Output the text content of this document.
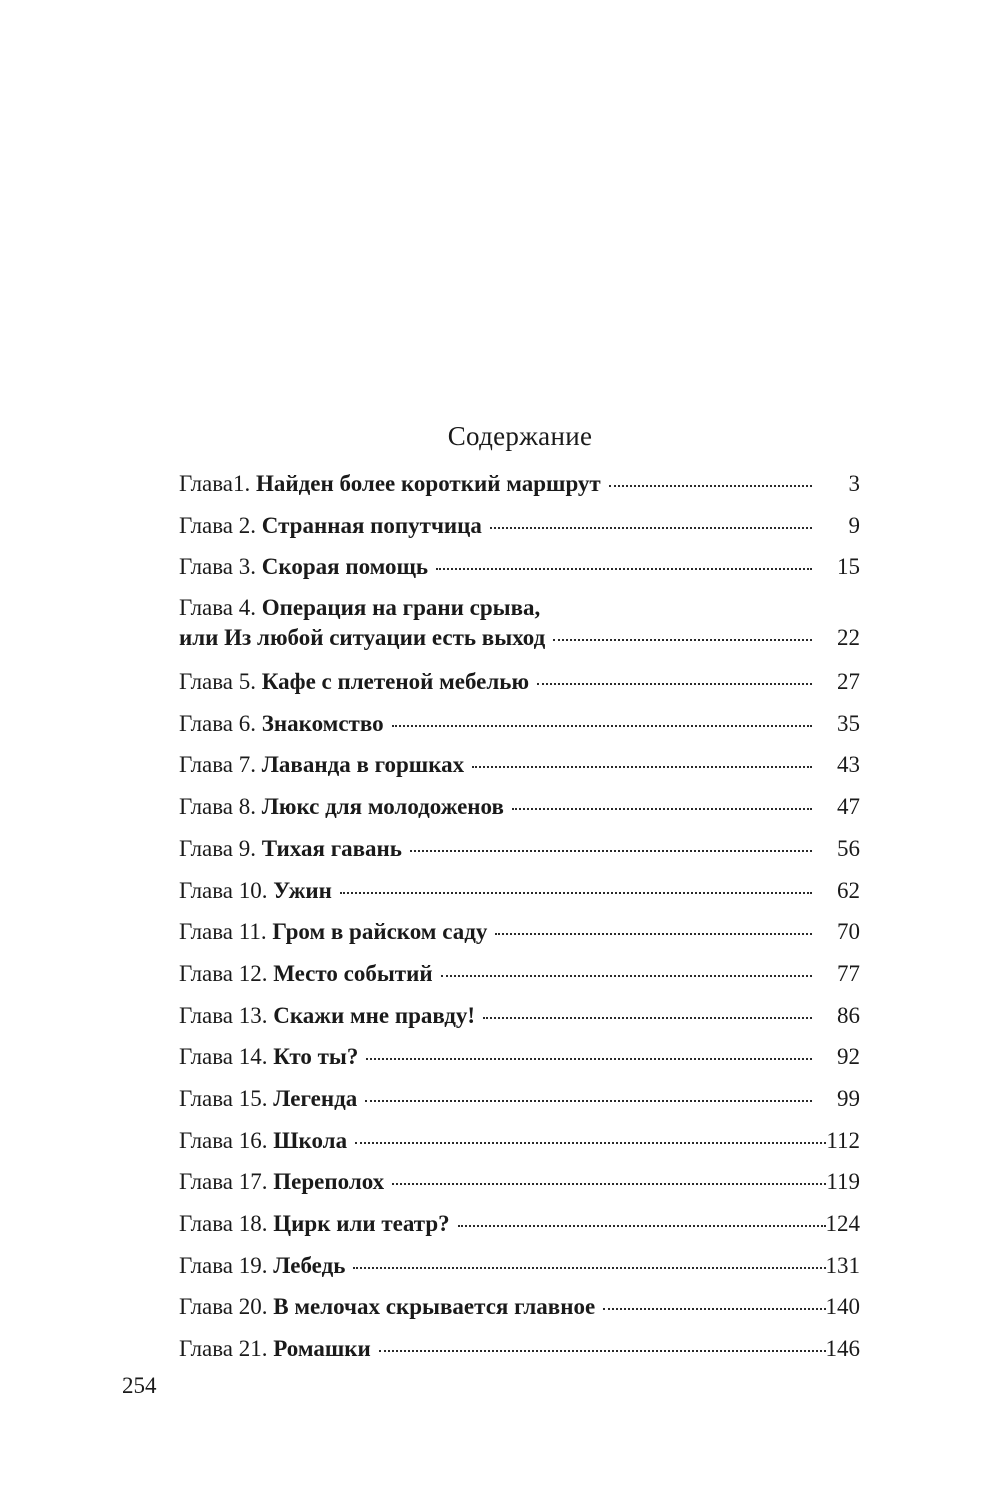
Содержание
Глава1. Найден более короткий маршрут	3
Глава 2. Странная попутчица	9
Глава 3. Скорая помощь	15
Глава 4. Операция на грани срыва,
или Из любой ситуации есть выход	22
Глава 5. Кафе с плетеной мебелью	27
Глава 6. Знакомство	35
Глава 7. Лаванда в горшках	43
Глава 8. Люкс для молодоженов	47
Глава 9. Тихая гавань	56
Глава 10. Ужин	62
Глава 11. Гром в райском саду	70
Глава 12. Место событий	77
Глава 13. Скажи мне правду!	86
Глава 14. Кто ты?	92
Глава 15. Легенда	99
Глава 16. Школа	112
Глава 17. Переполох	119
Глава 18. Цирк или театр?	124
Глава 19. Лебедь	131
Глава 20. В мелочах скрывается главное	140
Глава 21. Ромашки	146
254
